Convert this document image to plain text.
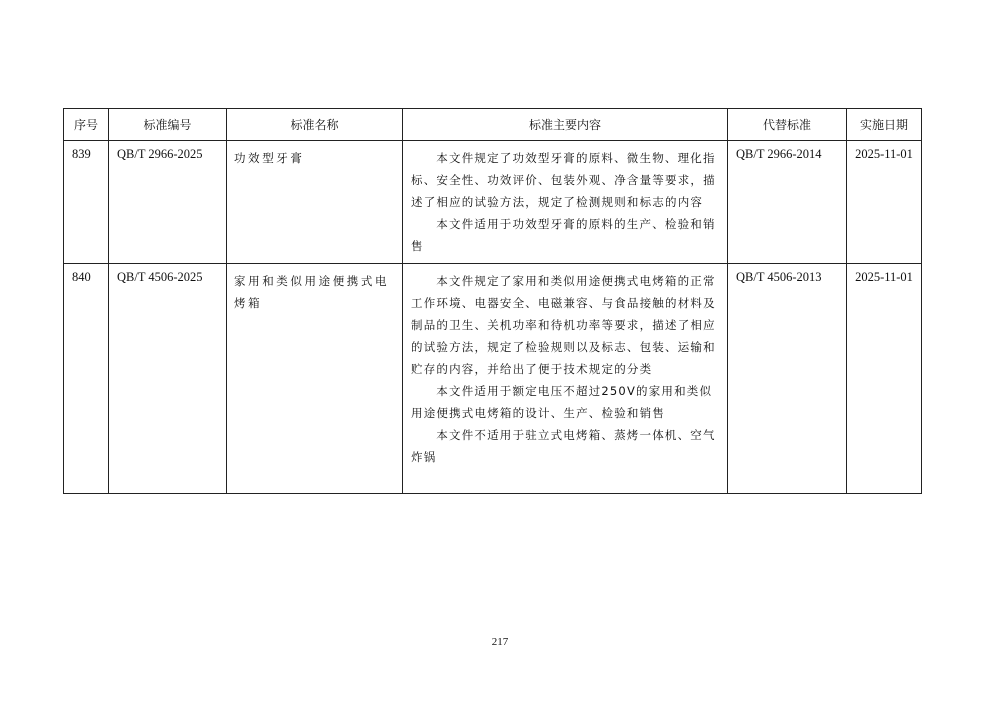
序号	标准编号	标准名称	标准主要内容	代替标准	实施日期
839	QB/T 2966-2025	功效型牙膏	本文件规定了功效型牙膏的原料、微生物、理化指标、安全性、功效评价、包装外观、净含量等要求，描述了相应的试验方法，规定了检测规则和标志的内容

本文件适用于功效型牙膏的原料的生产、检验和销售	QB/T 2966-2014	2025-11-01
840	QB/T 4506-2025	家用和类似用途便携式电烤箱	本文件规定了家用和类似用途便携式电烤箱的正常工作环境、电器安全、电磁兼容、与食品接触的材料及制品的卫生、关机功率和待机功率等要求，描述了相应的试验方法，规定了检验规则以及标志、包装、运输和贮存的内容，并给出了便于技术规定的分类

本文件适用于额定电压不超过250V的家用和类似用途便携式电烤箱的设计、生产、检验和销售

本文件不适用于驻立式电烤箱、蒸烤一体机、空气炸锅	QB/T 4506-2013	2025-11-01
217
